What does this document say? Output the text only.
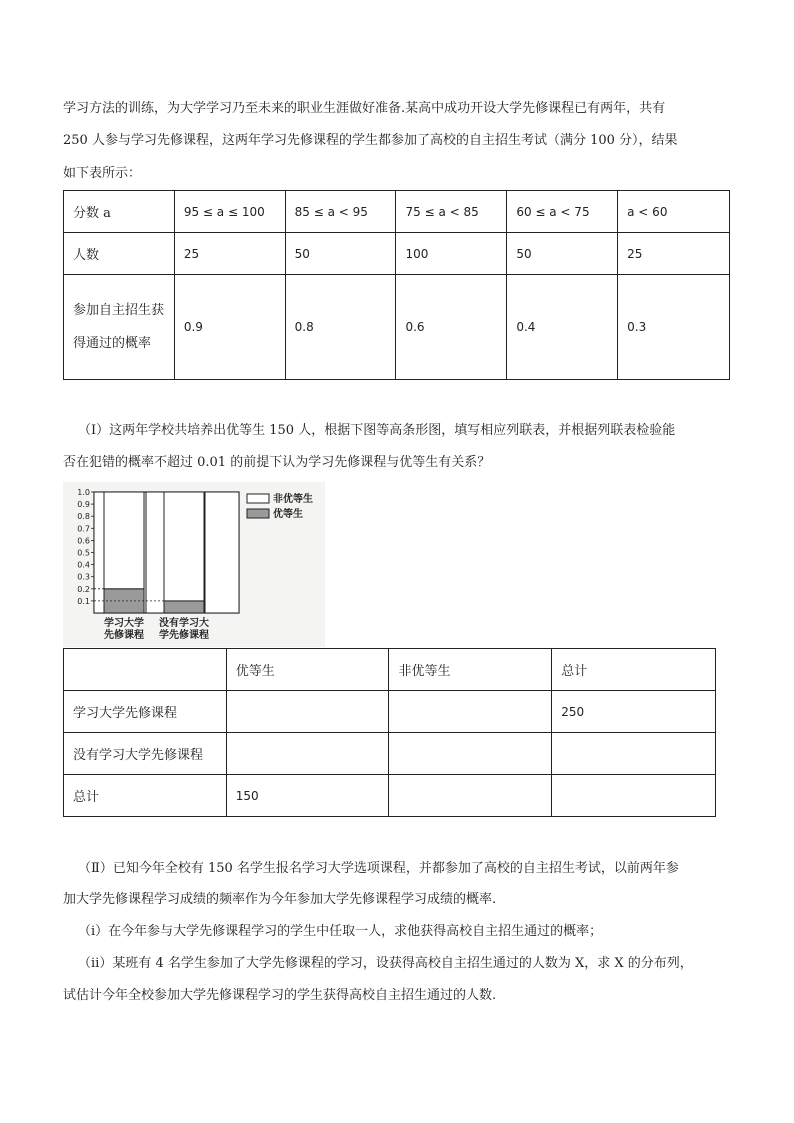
学习方法的训练，为大学学习乃至未来的职业生涯做好准备.某高中成功开设大学先修课程已有两年，共有
250 人参与学习先修课程，这两年学习先修课程的学生都参加了高校的自主招生考试（满分 100 分），结果
如下表所示：
分数 a	95 ≤ a ≤ 100	85 ≤ a < 95	75 ≤ a < 85	60 ≤ a < 75	a < 60
人数	25	50	100	50	25
参加自主招生获得通过的概率	0.9	0.8	0.6	0.4	0.3
（Ⅰ）这两年学校共培养出优等生 150 人，根据下图等高条形图，填写相应列联表，并根据列联表检验能
否在犯错的概率不超过 0.01 的前提下认为学习先修课程与优等生有关系？
0.1
0.2
0.3
0.4
0.5
0.6
0.7
0.8
0.9
1.0
非优等生
优等生
学习大学
先修课程
没有学习大
学先修课程
	优等生	非优等生	总计
学习大学先修课程			250
没有学习大学先修课程			
总计	150		
（Ⅱ）已知今年全校有 150 名学生报名学习大学选项课程，并都参加了高校的自主招生考试，以前两年参
加大学先修课程学习成绩的频率作为今年参加大学先修课程学习成绩的概率.
（ⅰ）在今年参与大学先修课程学习的学生中任取一人，求他获得高校自主招生通过的概率；
（ⅱ）某班有 4 名学生参加了大学先修课程的学习，设获得高校自主招生通过的人数为 X，求 X 的分布列，
试估计今年全校参加大学先修课程学习的学生获得高校自主招生通过的人数.
